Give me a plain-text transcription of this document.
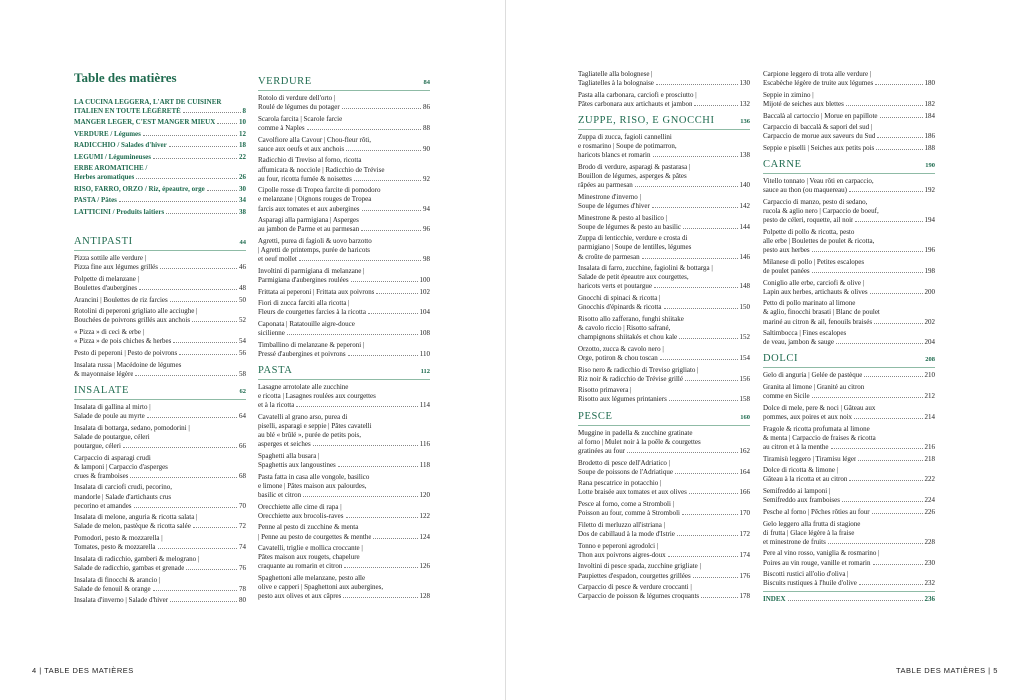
Table des matières
LA CUCINA LEGGERA, L'ART DE CUISINER
ITALIEN EN TOUTE LÉGÈRETÉ	8
MANGER LEGER, C'EST MANGER MIEUX	10
VERDURE / Légumes	12
RADICCHIO / Salades d'hiver	18
LEGUMI / Légumineuses	22
ERBE AROMATICHE /
Herbes aromatiques	26
RISO, FARRO, ORZO / Riz, épeautre, orge	30
PASTA / Pâtes	34
LATTICINI / Produits laitiers	38
ANTIPASTI	44
Pizza sottile alle verdure |
Pizza fine aux légumes grillés	46
Polpette di melanzane |
Boulettes d'aubergines	48
Arancini | Boulettes de riz farcies	50
Rotolini di peperoni grigliato alle acciughe |
Bouchées de poivrons grillés aux anchois	52
« Pizza » di ceci & erbe |
« Pizza » de pois chiches & herbes	54
Pesto di peperoni | Pesto de poivrons	56
Insalata russa | Macédoine de légumes
& mayonnaise légère	58
INSALATE	62
Insalata di gallina al mirto |
Salade de poule au myrte	64
Insalata di bottarga, sedano, pomodorini |
Salade de poutargue, céleri
poutargue, céleri	66
Carpaccio di asparagi crudi
& lamponi | Carpaccio d'asperges
crues & framboises	68
Insalata di carciofi crudi, pecorino,
mandorle | Salade d'artichauts crus
pecorino et amandes	70
Insalata di melone, anguria & ricotta salata |
Salade de melon, pastèque & ricotta salée	72
Pomodori, pesto & mozzarella |
Tomates, pesto & mozzarella	74
Insalata di radicchio, gamberi & melograno |
Salade de radicchio, gambas et grenade	76
Insalata di finocchi & arancio |
Salade de fenouil & orange	78
Insalata d'inverno | Salade d'hiver	80
VERDURE	84
Rotolo di verdure dell'orto |
Roulé de légumes du potager	86
Scarola farcita | Scarole farcie
comme à Naples	88
Cavolfiore alla Cavour | Chou-fleur rôti,
sauce aux oeufs et aux anchois	90
Radicchio di Treviso al forno, ricotta
affumicata & nocciole | Radicchio de Trévise
au four, ricotta fumée & noisettes	92
Cipolle rosse di Tropea farcite di pomodoro
e melanzane | Oignons rouges de Tropea
farcis aux tomates et aux aubergines	94
Asparagi alla parmigiana | Asperges
au jambon de Parme et au parmesan	96
Agretti, purea di fagioli & uovo barzotto
| Agretti de printemps, purée de haricots
et oeuf mollet	98
Involtini di parmigiana di melanzane |
Parmigiana d'aubergines roulées	100
Frittata ai peperoni | Frittata aux poivrons	102
Fiori di zucca farciti alla ricotta |
Fleurs de courgettes farcies à la ricotta	104
Caponata | Ratatouille aigre-douce
sicilienne	108
Timballino di melanzane & peperoni |
Pressé d'aubergines et poivrons	110
PASTA	112
Lasagne arrotolate alle zucchine
e ricotta | Lasagnes roulées aux courgettes
et à la ricotta	114
Cavatelli al grano arso, purea di
piselli, asparagi e seppie | Pâtes cavatelli
au blé « brûlé », purée de petits pois,
asperges et seiches	116
Spaghetti alla busara |
Spaghettis aux langoustines	118
Pasta fatta in casa alle vongole, basilico
e limone | Pâtes maison aux palourdes,
basilic et citron	120
Orecchiette alle cime di rapa |
Orecchiette aux brocolis-raves	122
Penne al pesto di zucchine & menta
| Penne au pesto de courgettes & menthe	124
Cavatelli, triglie e mollica croccante |
Pâtes maison aux rougets, chapelure
craquante au romarin et citron	126
Spaghettoni alle melanzane, pesto alle
olive e capperi | Spaghettoni aux aubergines,
pesto aux olives et aux câpres	128
4 | TABLE DES MATIÈRES
Tagliatelle alla bolognese |
Tagliatelles à la bolognaise	130
Pasta alla carbonara, carciofi e prosciutto |
Pâtes carbonara aux artichauts et jambon	132
ZUPPE, RISO, E GNOCCHI	136
Zuppa di zucca, fagioli cannellini
e rosmarino | Soupe de potimarron,
haricots blancs et romarin	138
Brodo di verdure, asparagi & pastarasa |
Bouillon de légumes, asperges & pâtes
râpées au parmesan	140
Minestrone d'inverno |
Soupe de légumes d'hiver	142
Minestrone & pesto al basilico |
Soupe de légumes & pesto au basilic	144
Zuppa di lenticchie, verdure e crosta di
parmigiano | Soupe de lentilles, légumes
& croûte de parmesan	146
Insalata di farro, zucchine, fagiolini & bottarga |
Salade de petit épeautre aux courgettes,
haricots verts et poutargue	148
Gnocchi di spinaci & ricotta |
Gnocchis d'épinards & ricotta	150
Risotto allo zafferano, funghi shiitake
& cavolo riccio | Risotto safrané,
champignons shiitakés et chou kale	152
Orzotto, zucca & cavolo nero |
Orge, potiron & chou toscan	154
Riso nero & radicchio di Treviso grigliato |
Riz noir & radicchio de Trévise grillé	156
Risotto primavera |
Risotto aux légumes printaniers	158
PESCE	160
Muggine in padella & zucchine gratinate
al forno | Mulet noir à la poêle & courgettes
gratinées au four	162
Brodetto di pesce dell'Adriatico |
Soupe de poissons de l'Adriatique	164
Rana pescatrice in potacchio |
Lotte braisée aux tomates et aux olives	166
Pesce al forno, come a Stromboli |
Poisson au four, comme à Stromboli	170
Filetto di merluzzo all'istriana |
Dos de cabillaud à la mode d'Istrie	172
Tonno e peperoni agrodolci |
Thon aux poivrons aigres-doux	174
Involtini di pesce spada, zucchine grigliate |
Paupiettes d'espadon, courgettes grillées	176
Carpaccio di pesce & verdure croccanti |
Carpaccio de poisson & légumes croquants	178
Carpione leggero di trota alle verdure |
Escabèche légère de truite aux légumes	180
Seppie in zimino |
Mijoté de seiches aux blettes	182
Baccalà al cartoccio | Morue en papillote	184
Carpaccio di baccalà & sapori del sud |
Carpaccio de morue aux saveurs du Sud	186
Seppie e piselli | Seiches aux petits pois	188
CARNE	190
Vitello tonnato | Veau rôti en carpaccio,
sauce au thon (ou maquereau)	192
Carpaccio di manzo, pesto di sedano,
rucola & aglio nero | Carpaccio de boeuf,
pesto de céleri, roquette, ail noir	194
Polpette di pollo & ricotta, pesto
alle erbe | Boulettes de poulet & ricotta,
pesto aux herbes	196
Milanese di pollo | Petites escalopes
de poulet panées	198
Coniglio alle erbe, carciofi & olive |
Lapin aux herbes, artichauts & olives	200
Petto di pollo marinato al limone
& aglio, finocchi brasati | Blanc de poulet
mariné au citron & ail, fenouils braisés	202
Saltimbocca | Fines escalopes
de veau, jambon & sauge	204
DOLCI	208
Gelo di anguria | Gelée de pastèque	210
Granita al limone | Granité au citron
comme en Sicile	212
Dolce di mele, pere & noci | Gâteau aux
pommes, aux poires et aux noix	214
Fragole & ricotta profumata al limone
& menta | Carpaccio de fraises & ricotta
au citron et à la menthe	216
Tiramisù leggero | Tiramisu léger	218
Dolce di ricotta & limone |
Gâteau à la ricotta et au citron	222
Semifreddo ai lamponi |
Semifreddo aux framboises	224
Pesche al forno | Pêches rôties au four	226
Gelo leggero alla frutta di stagione
di frutta | Glace légère à la fraise
et minestrone de fruits	228
Pere al vino rosso, vaniglia & rosmarino |
Poires au vin rouge, vanille et romarin	230
Biscotti rustici all'olio d'oliva |
Biscuits rustiques à l'huile d'olive	232
INDEX	236
TABLE DES MATIÈRES | 5
